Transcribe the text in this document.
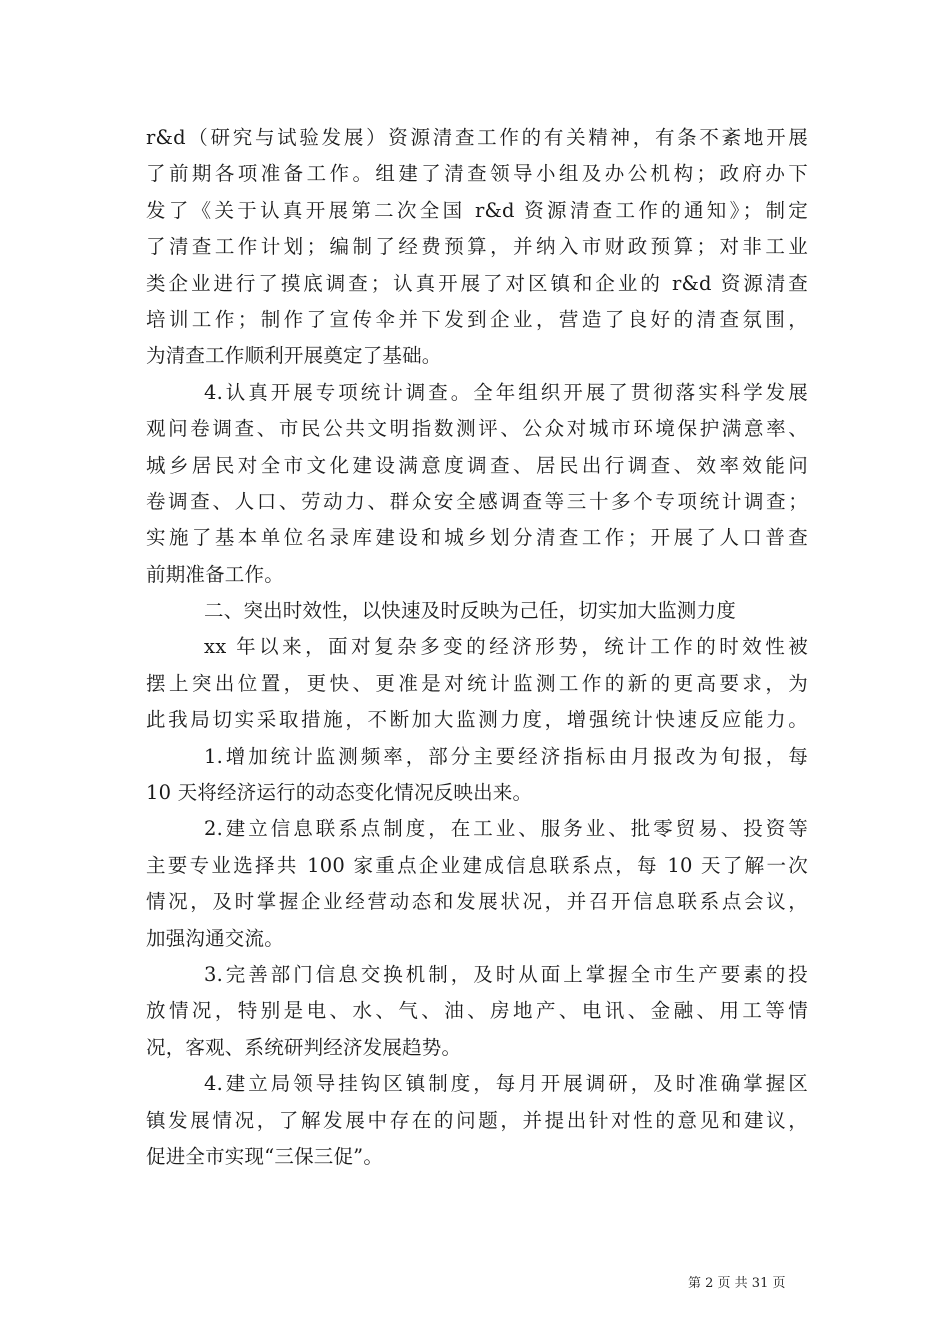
r&d（研究与试验发展）资源清查工作的有关精神，有条不紊地开展
了前期各项准备工作。组建了清查领导小组及办公机构；政府办下
发了《关于认真开展第二次全国 r&d 资源清查工作的通知》；制定
了清查工作计划；编制了经费预算，并纳入市财政预算；对非工业
类企业进行了摸底调查；认真开展了对区镇和企业的 r&d 资源清查
培训工作；制作了宣传伞并下发到企业，营造了良好的清查氛围，
为清查工作顺利开展奠定了基础。
4.认真开展专项统计调查。全年组织开展了贯彻落实科学发展
观问卷调查、市民公共文明指数测评、公众对城市环境保护满意率、
城乡居民对全市文化建设满意度调查、居民出行调查、效率效能问
卷调查、人口、劳动力、群众安全感调查等三十多个专项统计调查；
实施了基本单位名录库建设和城乡划分清查工作；开展了人口普查
前期准备工作。
二、突出时效性，以快速及时反映为己任，切实加大监测力度
xx 年以来，面对复杂多变的经济形势，统计工作的时效性被
摆上突出位置，更快、更准是对统计监测工作的新的更高要求，为
此我局切实采取措施，不断加大监测力度，增强统计快速反应能力。
1.增加统计监测频率，部分主要经济指标由月报改为旬报，每
10 天将经济运行的动态变化情况反映出来。
2.建立信息联系点制度，在工业、服务业、批零贸易、投资等
主要专业选择共 100 家重点企业建成信息联系点，每 10 天了解一次
情况，及时掌握企业经营动态和发展状况，并召开信息联系点会议，
加强沟通交流。
3.完善部门信息交换机制，及时从面上掌握全市生产要素的投
放情况，特别是电、水、气、油、房地产、电讯、金融、用工等情
况，客观、系统研判经济发展趋势。
4.建立局领导挂钩区镇制度，每月开展调研，及时准确掌握区
镇发展情况，了解发展中存在的问题，并提出针对性的意见和建议，
促进全市实现“三保三促”。
第 2 页 共 31 页
